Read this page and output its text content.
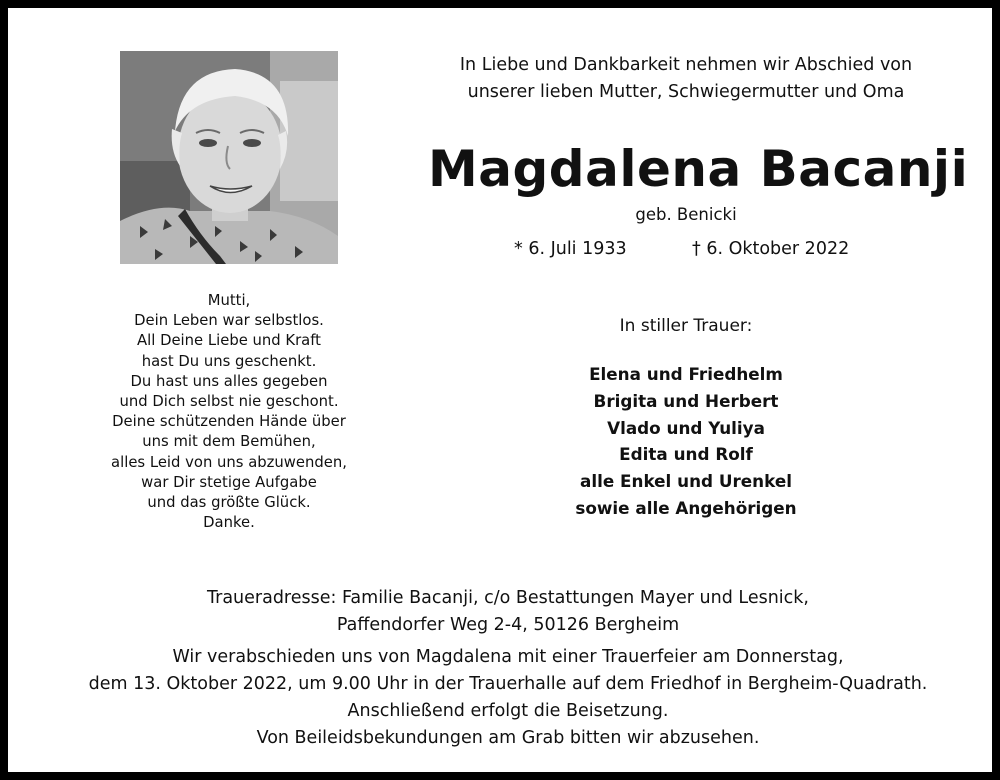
In Liebe und Dankbarkeit nehmen wir Abschied von
unserer lieben Mutter, Schwiegermutter und Oma
Magdalena Bacanji
geb. Benicki
* 6. Juli 1933	† 6. Oktober 2022
Mutti,
Dein Leben war selbstlos.
All Deine Liebe und Kraft
hast Du uns geschenkt.
Du hast uns alles gegeben
und Dich selbst nie geschont.
Deine schützenden Hände über
uns mit dem Bemühen,
alles Leid von uns abzuwenden,
war Dir stetige Aufgabe
und das größte Glück.
Danke.
In stiller Trauer:
Elena und Friedhelm
Brigita und Herbert
Vlado und Yuliya
Edita und Rolf
alle Enkel und Urenkel
sowie alle Angehörigen
Traueradresse: Familie Bacanji, c/o Bestattungen Mayer und Lesnick,
Paffendorfer Weg 2-4, 50126 Bergheim
Wir verabschieden uns von Magdalena mit einer Trauerfeier am Donnerstag,
dem 13. Oktober 2022, um 9.00 Uhr in der Trauerhalle auf dem Friedhof in Bergheim-Quadrath.
Anschließend erfolgt die Beisetzung.
Von Beileidsbekundungen am Grab bitten wir abzusehen.
